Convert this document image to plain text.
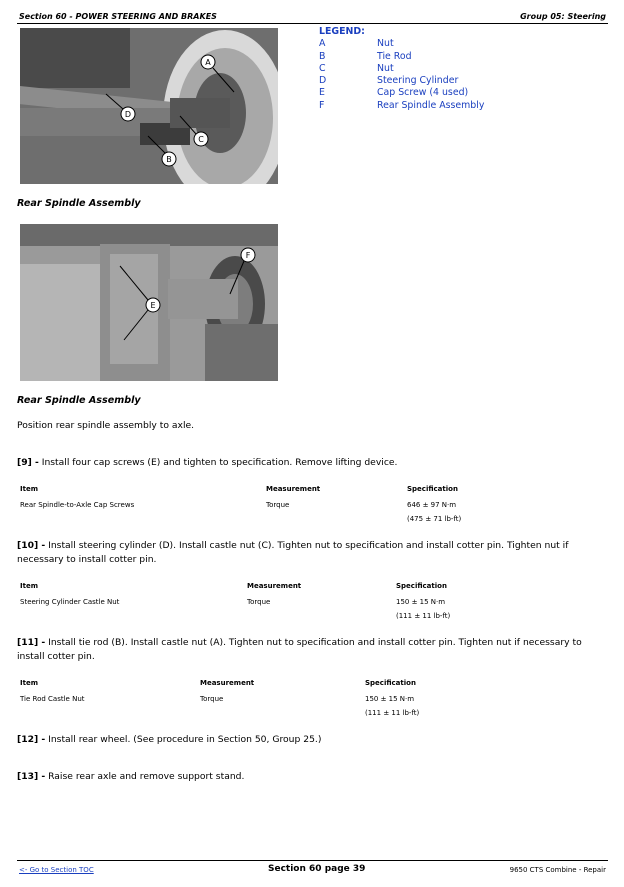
Section 60 - POWER STEERING AND BRAKES	Group 05: Steering
A
B
C
D
LEGEND:
A	Nut
B	Tie Rod
C	Nut
D	Steering Cylinder
E	Cap Screw (4 used)
F	Rear Spindle Assembly
Rear Spindle Assembly
E
F
Rear Spindle Assembly
Position rear spindle assembly to axle.
[9] - Install four cap screws (E) and tighten to specification. Remove lifting device.
Item	Measurement	Specification
Rear Spindle-to-Axle Cap Screws	Torque	646 ± 97 N·m
(475 ± 71 lb-ft)
[10] - Install steering cylinder (D). Install castle nut (C). Tighten nut to specification and install cotter pin. Tighten nut if necessary to install cotter pin.
Item	Measurement	Specification
Steering Cylinder Castle Nut	Torque	150 ± 15 N·m
(111 ± 11 lb-ft)
[11] - Install tie rod (B). Install castle nut (A). Tighten nut to specification and install cotter pin. Tighten nut if necessary to install cotter pin.
Item	Measurement	Specification
Tie Rod Castle Nut	Torque	150 ± 15 N·m
(111 ± 11 lb-ft)
[12] - Install rear wheel. (See procedure in Section 50, Group 25.)
[13] - Raise rear axle and remove support stand.
<- Go to Section TOC	Section 60 page 39	9650 CTS Combine - Repair
